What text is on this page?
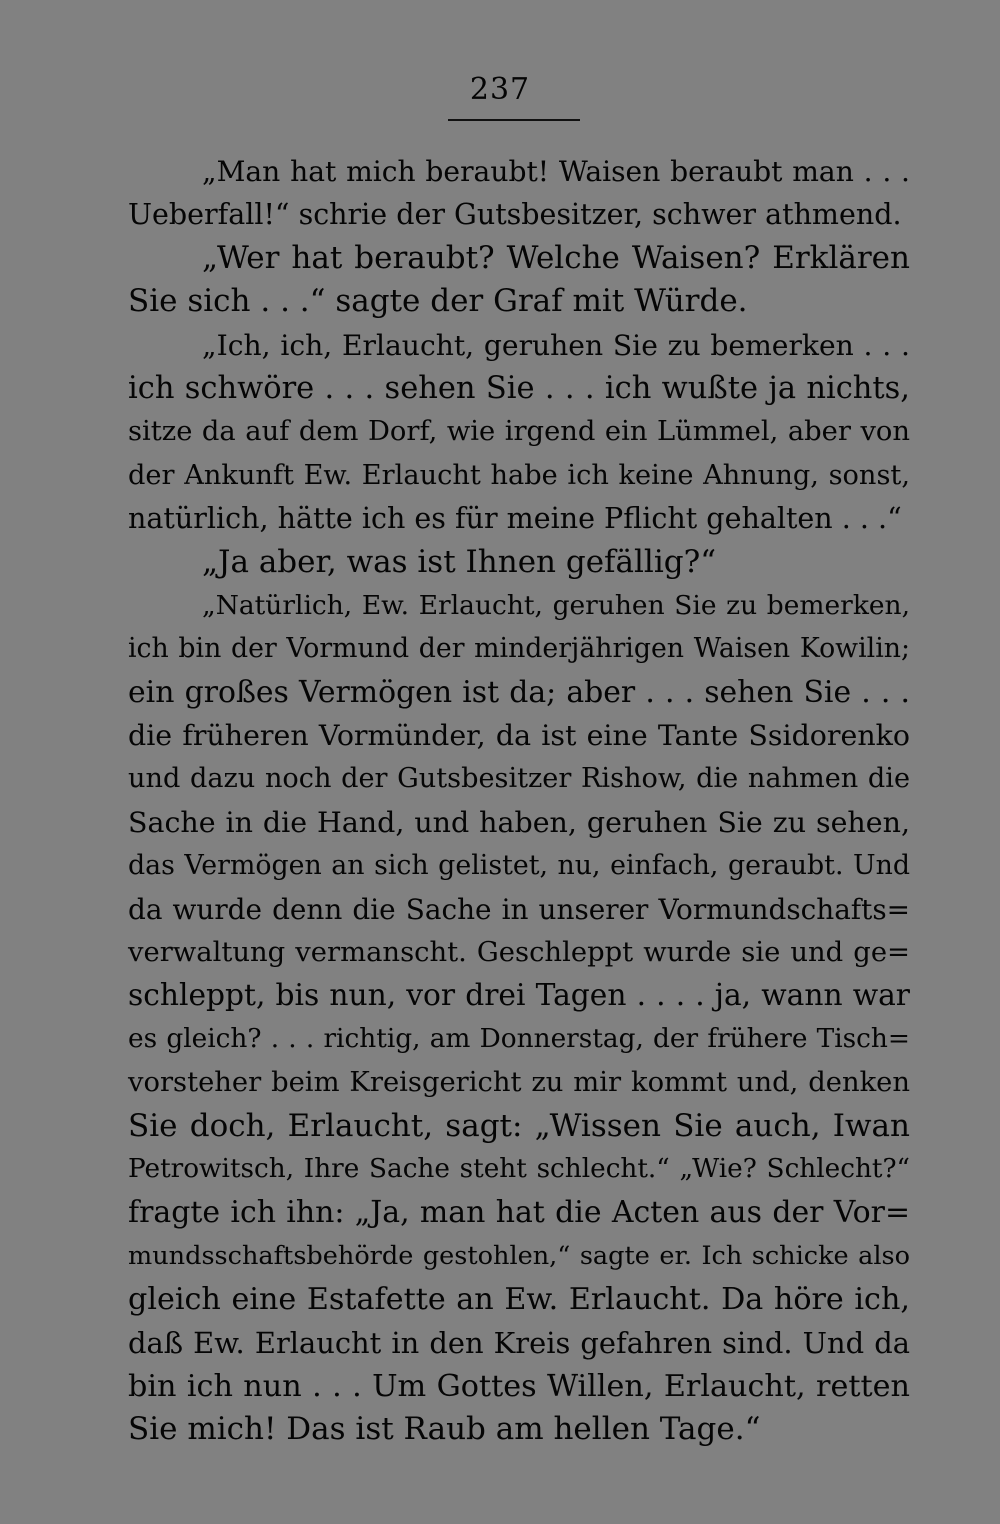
237
„Man hat mich beraubt! Waisen beraubt man . . .
Ueberfall!“ schrie der Gutsbesitzer, schwer athmend.
„Wer hat beraubt? Welche Waisen? Erklären
Sie sich . . .“ sagte der Graf mit Würde.
„Ich, ich, Erlaucht, geruhen Sie zu bemerken . . .
ich schwöre . . . sehen Sie . . . ich wußte ja nichts,
sitze da auf dem Dorf, wie irgend ein Lümmel, aber von
der Ankunft Ew. Erlaucht habe ich keine Ahnung, sonst,
natürlich, hätte ich es für meine Pflicht gehalten . . .“
„Ja aber, was ist Ihnen gefällig?“
„Natürlich, Ew. Erlaucht, geruhen Sie zu bemerken,
ich bin der Vormund der minderjährigen Waisen Kowilin;
ein großes Vermögen ist da; aber . . . sehen Sie . . .
die früheren Vormünder, da ist eine Tante Ssidorenko
und dazu noch der Gutsbesitzer Rishow, die nahmen die
Sache in die Hand, und haben, geruhen Sie zu sehen,
das Vermögen an sich gelistet, nu, einfach, geraubt. Und
da wurde denn die Sache in unserer Vormundschafts=
verwaltung vermanscht. Geschleppt wurde sie und ge=
schleppt, bis nun, vor drei Tagen . . . . ja, wann war
es gleich? . . . richtig, am Donnerstag, der frühere Tisch=
vorsteher beim Kreisgericht zu mir kommt und, denken
Sie doch, Erlaucht, sagt: „Wissen Sie auch, Iwan
Petrowitsch, Ihre Sache steht schlecht.“ „Wie? Schlecht?“
fragte ich ihn: „Ja, man hat die Acten aus der Vor=
mundsschaftsbehörde gestohlen,“ sagte er. Ich schicke also
gleich eine Estafette an Ew. Erlaucht. Da höre ich,
daß Ew. Erlaucht in den Kreis gefahren sind. Und da
bin ich nun . . . Um Gottes Willen, Erlaucht, retten
Sie mich! Das ist Raub am hellen Tage.“
